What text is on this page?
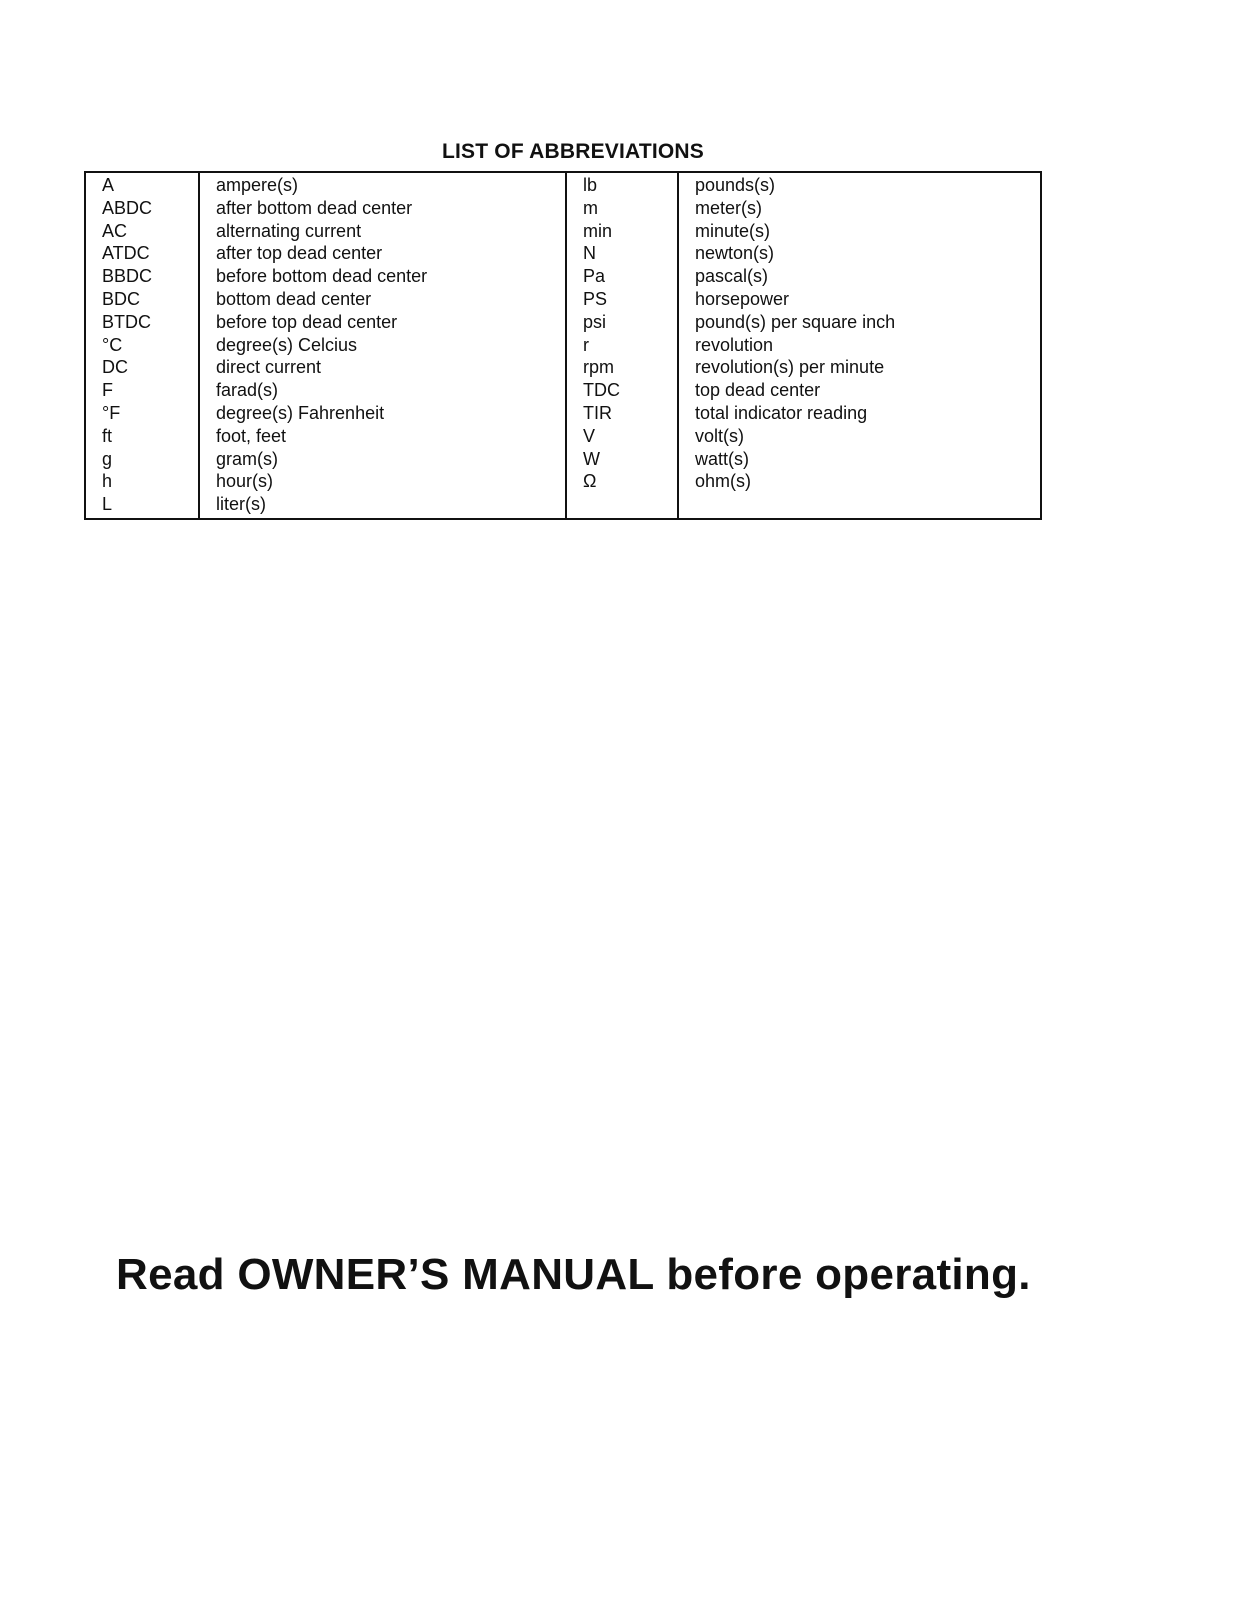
LIST OF ABBREVIATIONS
A
ABDC
AC
ATDC
BBDC
BDC
BTDC
°C
DC
F
°F
ft
g
h
L
ampere(s)
after bottom dead center
alternating current
after top dead center
before bottom dead center
bottom dead center
before top dead center
degree(s) Celcius
direct current
farad(s)
degree(s) Fahrenheit
foot, feet
gram(s)
hour(s)
liter(s)
lb
m
min
N
Pa
PS
psi
r
rpm
TDC
TIR
V
W
Ω
pounds(s)
meter(s)
minute(s)
newton(s)
pascal(s)
horsepower
pound(s) per square inch
revolution
revolution(s) per minute
top dead center
total indicator reading
volt(s)
watt(s)
ohm(s)
Read OWNER’S MANUAL before operating.
